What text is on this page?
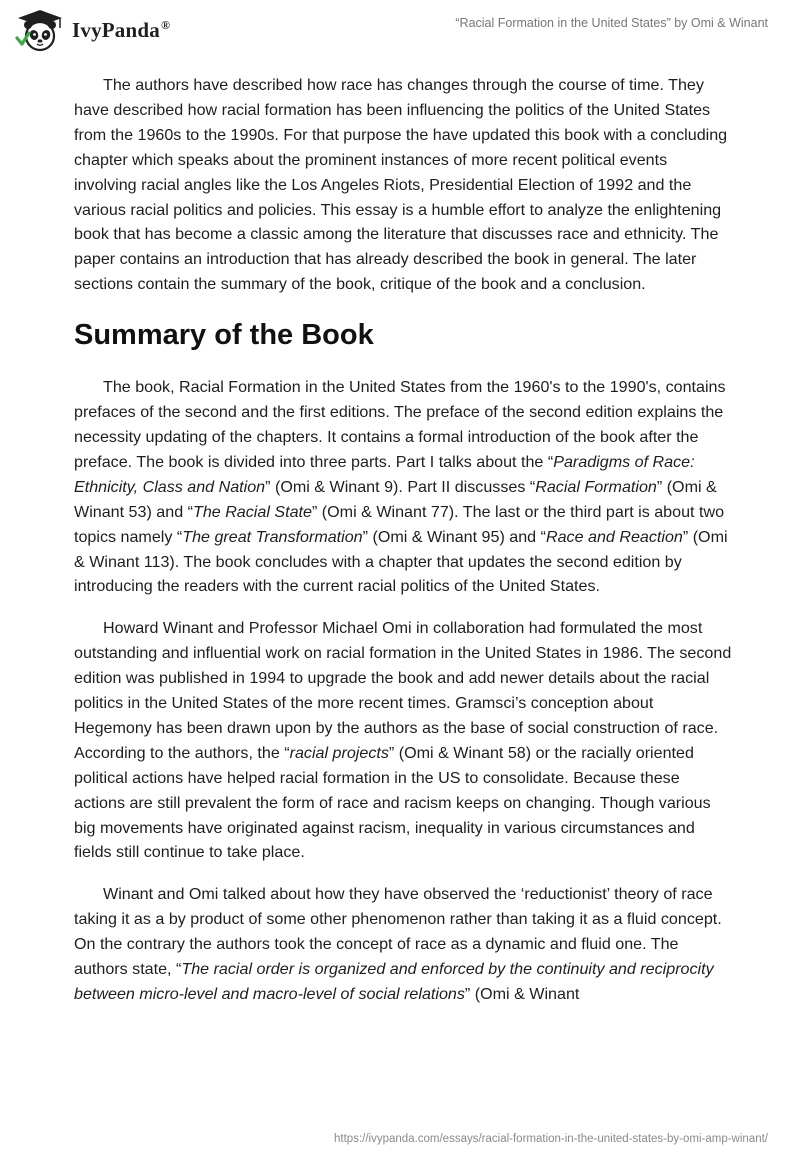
IvyPanda®	“Racial Formation in the United States” by Omi & Winant

The authors have described how race has changes through the course of time. They have described how racial formation has been influencing the politics of the United States from the 1960s to the 1990s. For that purpose the have updated this book with a concluding chapter which speaks about the prominent instances of more recent political events involving racial angles like the Los Angeles Riots, Presidential Election of 1992 and the various racial politics and policies. This essay is a humble effort to analyze the enlightening book that has become a classic among the literature that discusses race and ethnicity. The paper contains an introduction that has already described the book in general. The later sections contain the summary of the book, critique of the book and a conclusion.

Summary of the Book

The book, Racial Formation in the United States from the 1960's to the 1990's, contains prefaces of the second and the first editions. The preface of the second edition explains the necessity updating of the chapters. It contains a formal introduction of the book after the preface. The book is divided into three parts. Part I talks about the “Paradigms of Race: Ethnicity, Class and Nation” (Omi & Winant 9). Part II discusses “Racial Formation” (Omi & Winant 53) and “The Racial State” (Omi & Winant 77). The last or the third part is about two topics namely “The great Transformation” (Omi & Winant 95) and “Race and Reaction” (Omi & Winant 113). The book concludes with a chapter that updates the second edition by introducing the readers with the current racial politics of the United States.

Howard Winant and Professor Michael Omi in collaboration had formulated the most outstanding and influential work on racial formation in the United States in 1986. The second edition was published in 1994 to upgrade the book and add newer details about the racial politics in the United States of the more recent times. Gramsci’s conception about Hegemony has been drawn upon by the authors as the base of social construction of race. According to the authors, the “racial projects” (Omi & Winant 58) or the racially oriented political actions have helped racial formation in the US to consolidate. Because these actions are still prevalent the form of race and racism keeps on changing. Though various big movements have originated against racism, inequality in various circumstances and fields still continue to take place.

Winant and Omi talked about how they have observed the ‘reductionist’ theory of race taking it as a by product of some other phenomenon rather than taking it as a fluid concept. On the contrary the authors took the concept of race as a dynamic and fluid one. The authors state, “The racial order is organized and enforced by the continuity and reciprocity between micro-level and macro-level of social relations” (Omi & Winant

https://ivypanda.com/essays/racial-formation-in-the-united-states-by-omi-amp-winant/
